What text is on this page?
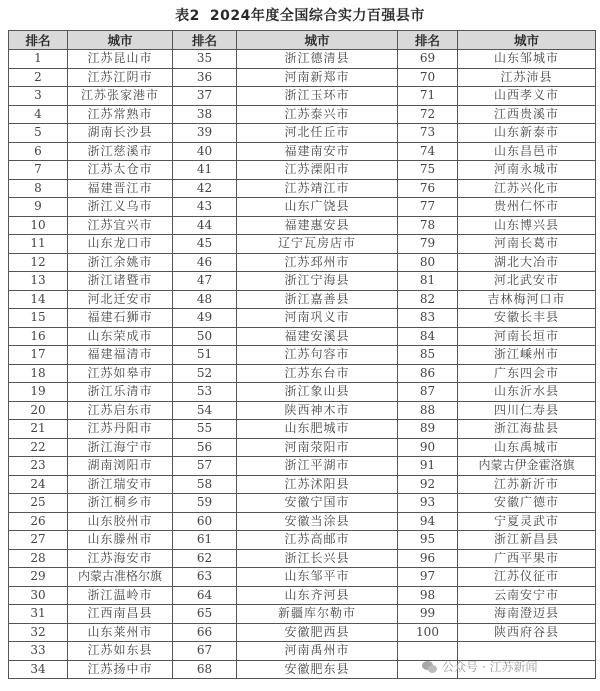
表2 2024年度全国综合实力百强县市
排名	城市	排名	城市	排名	城市
1	江苏昆山市	35	浙江德清县	69	山东邹城市
2	江苏江阴市	36	河南新郑市	70	江苏沛县
3	江苏张家港市	37	浙江玉环市	71	山西孝义市
4	江苏常熟市	38	江苏泰兴市	72	江西贵溪市
5	湖南长沙县	39	河北任丘市	73	山东新泰市
6	浙江慈溪市	40	福建南安市	74	山东昌邑市
7	江苏太仓市	41	江苏溧阳市	75	河南永城市
8	福建晋江市	42	江苏靖江市	76	江苏兴化市
9	浙江义乌市	43	山东广饶县	77	贵州仁怀市
10	江苏宜兴市	44	福建惠安县	78	山东博兴县
11	山东龙口市	45	辽宁瓦房店市	79	河南长葛市
12	浙江余姚市	46	江苏邳州市	80	湖北大冶市
13	浙江诸暨市	47	浙江宁海县	81	河北武安市
14	河北迁安市	48	浙江嘉善县	82	吉林梅河口市
15	福建石狮市	49	河南巩义市	83	安徽长丰县
16	山东荣成市	50	福建安溪县	84	河南长垣市
17	福建福清市	51	江苏句容市	85	浙江嵊州市
18	江苏如皋市	52	江苏东台市	86	广东四会市
19	浙江乐清市	53	浙江象山县	87	山东沂水县
20	江苏启东市	54	陕西神木市	88	四川仁寿县
21	江苏丹阳市	55	山东肥城市	89	浙江海盐县
22	浙江海宁市	56	河南荥阳市	90	山东禹城市
23	湖南浏阳市	57	浙江平湖市	91	内蒙古伊金霍洛旗
24	浙江瑞安市	58	江苏沭阳县	92	江苏新沂市
25	浙江桐乡市	59	安徽宁国市	93	安徽广德市
26	山东胶州市	60	安徽当涂县	94	宁夏灵武市
27	山东滕州市	61	江苏高邮市	95	浙江新昌县
28	江苏海安市	62	浙江长兴县	96	广西平果市
29	内蒙古准格尔旗	63	山东邹平市	97	江苏仪征市
30	浙江温岭市	64	山东齐河县	98	云南安宁市
31	江西南昌县	65	新疆库尔勒市	99	海南澄迈县
32	山东莱州市	66	安徽肥西县	100	陕西府谷县
33	江苏如东县	67	河南禹州市		
34	江苏扬中市	68	安徽肥东县			公众号 · 江苏新闻
